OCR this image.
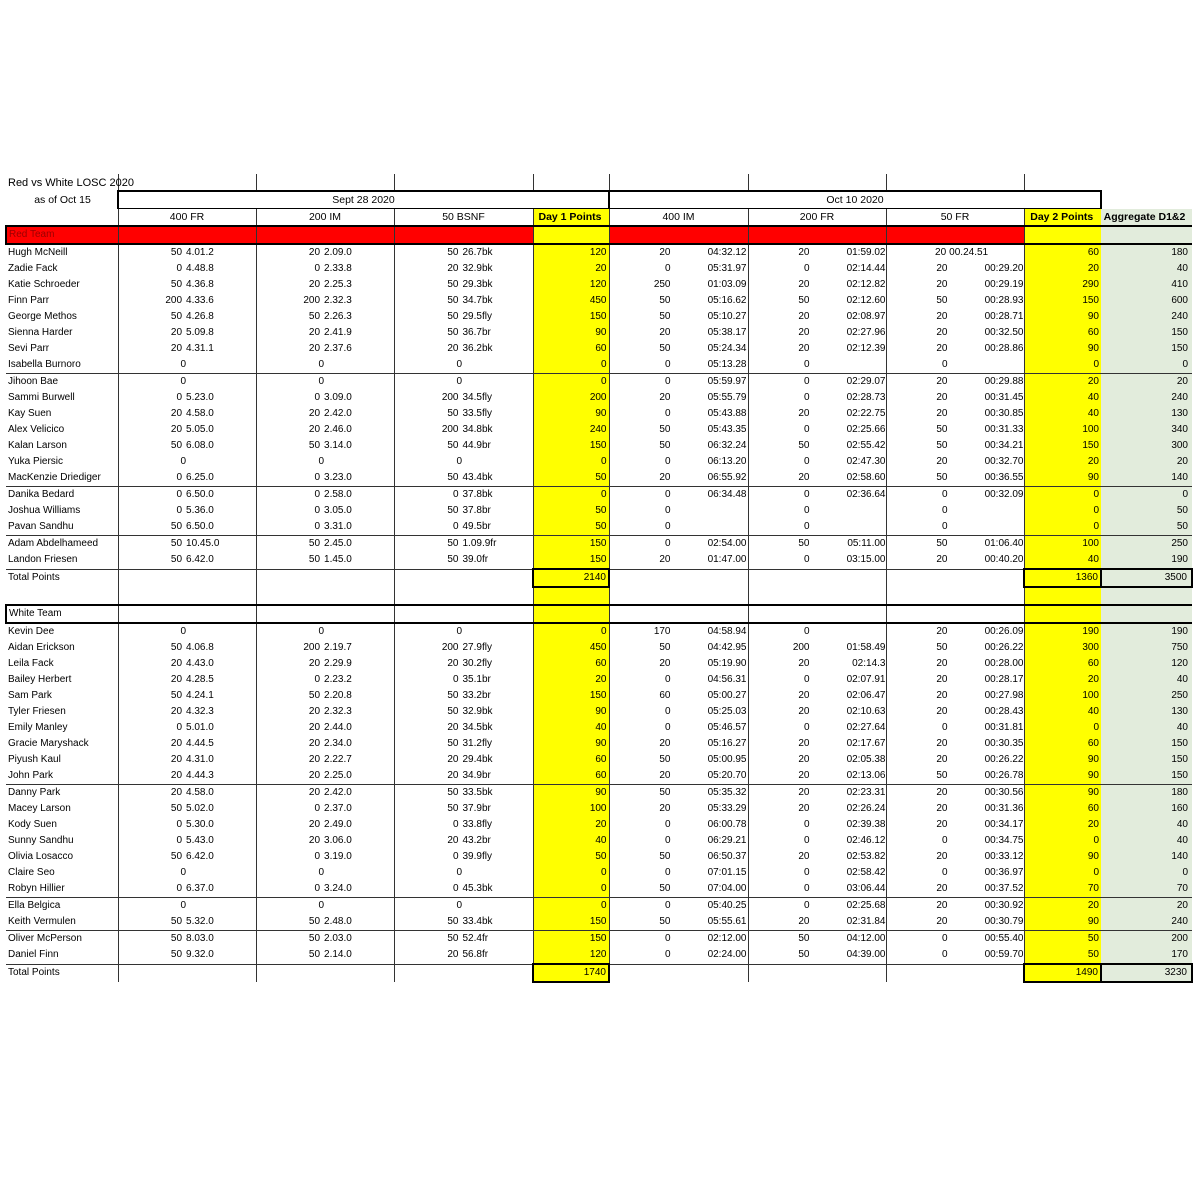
Red vs White LOSC 2020									
as of Oct 15	Sept 28 2020				Oct 10 2020				
	400 FR	200 IM	50 BSNF	Day 1 Points	400 IM	200 FR	50 FR	Day 2 Points	Aggregate D1&2
Red Team									
Hugh McNeill	50 4.01.2	20 2.09.0	50 26.7bk	120	20 04:32.12	20 01:59.02	20 00.24.51	60	180
Zadie Fack	0 4.48.8	0 2.33.8	20 32.9bk	20	0 05:31.97	0 02:14.44	20 00:29.20	20	40
Katie Schroeder	50 4.36.8	20 2.25.3	50 29.3bk	120	250 01:03.09	20 02:12.82	20 00:29.19	290	410
Finn Parr	200 4.33.6	200 2.32.3	50 34.7bk	450	50 05:16.62	50 02:12.60	50 00:28.93	150	600
George Methos	50 4.26.8	50 2.26.3	50 29.5fly	150	50 05:10.27	20 02:08.97	20 00:28.71	90	240
Sienna Harder	20 5.09.8	20 2.41.9	50 36.7br	90	20 05:38.17	20 02:27.96	20 00:32.50	60	150
Sevi Parr	20 4.31.1	20 2.37.6	20 36.2bk	60	50 05:24.34	20 02:12.39	20 00:28.86	90	150
Isabella Burnoro	0	0	0	0	0 05:13.28	0	0	0	0
Jihoon Bae	0	0	0	0	0 05:59.97	0 02:29.07	20 00:29.88	20	20
Sammi Burwell	0 5.23.0	0 3.09.0	200 34.5fly	200	20 05:55.79	0 02:28.73	20 00:31.45	40	240
Kay Suen	20 4.58.0	20 2.42.0	50 33.5fly	90	0 05:43.88	20 02:22.75	20 00:30.85	40	130
Alex Velicico	20 5.05.0	20 2.46.0	200 34.8bk	240	50 05:43.35	0 02:25.66	50 00:31.33	100	340
Kalan Larson	50 6.08.0	50 3.14.0	50 44.9br	150	50 06:32.24	50 02:55.42	50 00:34.21	150	300
Yuka Piersic	0	0	0	0	0 06:13.20	0 02:47.30	20 00:32.70	20	20
MacKenzie Driediger	0 6.25.0	0 3.23.0	50 43.4bk	50	20 06:55.92	20 02:58.60	50 00:36.55	90	140
Danika Bedard	0 6.50.0	0 2.58.0	0 37.8bk	0	0 06:34.48	0 02:36.64	0 00:32.09	0	0
Joshua Williams	0 5.36.0	0 3.05.0	50 37.8br	50	0	0	0	0	50
Pavan Sandhu	50 6.50.0	0 3.31.0	0 49.5br	50	0	0	0	0	50
Adam Abdelhameed	50 10.45.0	50 2.45.0	50 1.09.9fr	150	0 02:54.00	50 05:11.00	50 01:06.40	100	250
Landon Friesen	50 6.42.0	50 1.45.0	50 39.0fr	150	20 01:47.00	0 03:15.00	20 00:40.20	40	190
Total Points				2140				1360	3500

White Team									
Kevin Dee	0	0	0	0	170 04:58.94	0	20 00:26.09	190	190
Aidan Erickson	50 4.06.8	200 2.19.7	200 27.9fly	450	50 04:42.95	200 01:58.49	50 00:26.22	300	750
Leila Fack	20 4.43.0	20 2.29.9	20 30.2fly	60	20 05:19.90	20 02:14.3	20 00:28.00	60	120
Bailey Herbert	20 4.28.5	0 2.23.2	0 35.1br	20	0 04:56.31	0 02:07.91	20 00:28.17	20	40
Sam Park	50 4.24.1	50 2.20.8	50 33.2br	150	60 05:00.27	20 02:06.47	20 00:27.98	100	250
Tyler Friesen	20 4.32.3	20 2.32.3	50 32.9bk	90	0 05:25.03	20 02:10.63	20 00:28.43	40	130
Emily Manley	0 5.01.0	20 2.44.0	20 34.5bk	40	0 05:46.57	0 02:27.64	0 00:31.81	0	40
Gracie Maryshack	20 4.44.5	20 2.34.0	50 31.2fly	90	20 05:16.27	20 02:17.67	20 00:30.35	60	150
Piyush Kaul	20 4.31.0	20 2.22.7	20 29.4bk	60	50 05:00.95	20 02:05.38	20 00:26.22	90	150
John Park	20 4.44.3	20 2.25.0	20 34.9br	60	20 05:20.70	20 02:13.06	50 00:26.78	90	150
Danny Park	20 4.58.0	20 2.42.0	50 33.5bk	90	50 05:35.32	20 02:23.31	20 00:30.56	90	180
Macey Larson	50 5.02.0	0 2.37.0	50 37.9br	100	20 05:33.29	20 02:26.24	20 00:31.36	60	160
Kody Suen	0 5.30.0	20 2.49.0	0 33.8fly	20	0 06:00.78	0 02:39.38	20 00:34.17	20	40
Sunny Sandhu	0 5.43.0	20 3.06.0	20 43.2br	40	0 06:29.21	0 02:46.12	0 00:34.75	0	40
Olivia Losacco	50 6.42.0	0 3.19.0	0 39.9fly	50	50 06:50.37	20 02:53.82	20 00:33.12	90	140
Claire Seo	0	0	0	0	0 07:01.15	0 02:58.42	0 00:36.97	0	0
Robyn Hillier	0 6.37.0	0 3.24.0	0 45.3bk	0	50 07:04.00	0 03:06.44	20 00:37.52	70	70
Ella Belgica	0	0	0	0	0 05:40.25	0 02:25.68	20 00:30.92	20	20
Keith Vermulen	50 5.32.0	50 2.48.0	50 33.4bk	150	50 05:55.61	20 02:31.84	20 00:30.79	90	240
Oliver McPerson	50 8.03.0	50 2.03.0	50 52.4fr	150	0 02:12.00	50 04:12.00	0 00:55.40	50	200
Daniel Finn	50 9.32.0	50 2.14.0	20 56.8fr	120	0 02:24.00	50 04:39.00	0 00:59.70	50	170
Total Points				1740				1490	3230
